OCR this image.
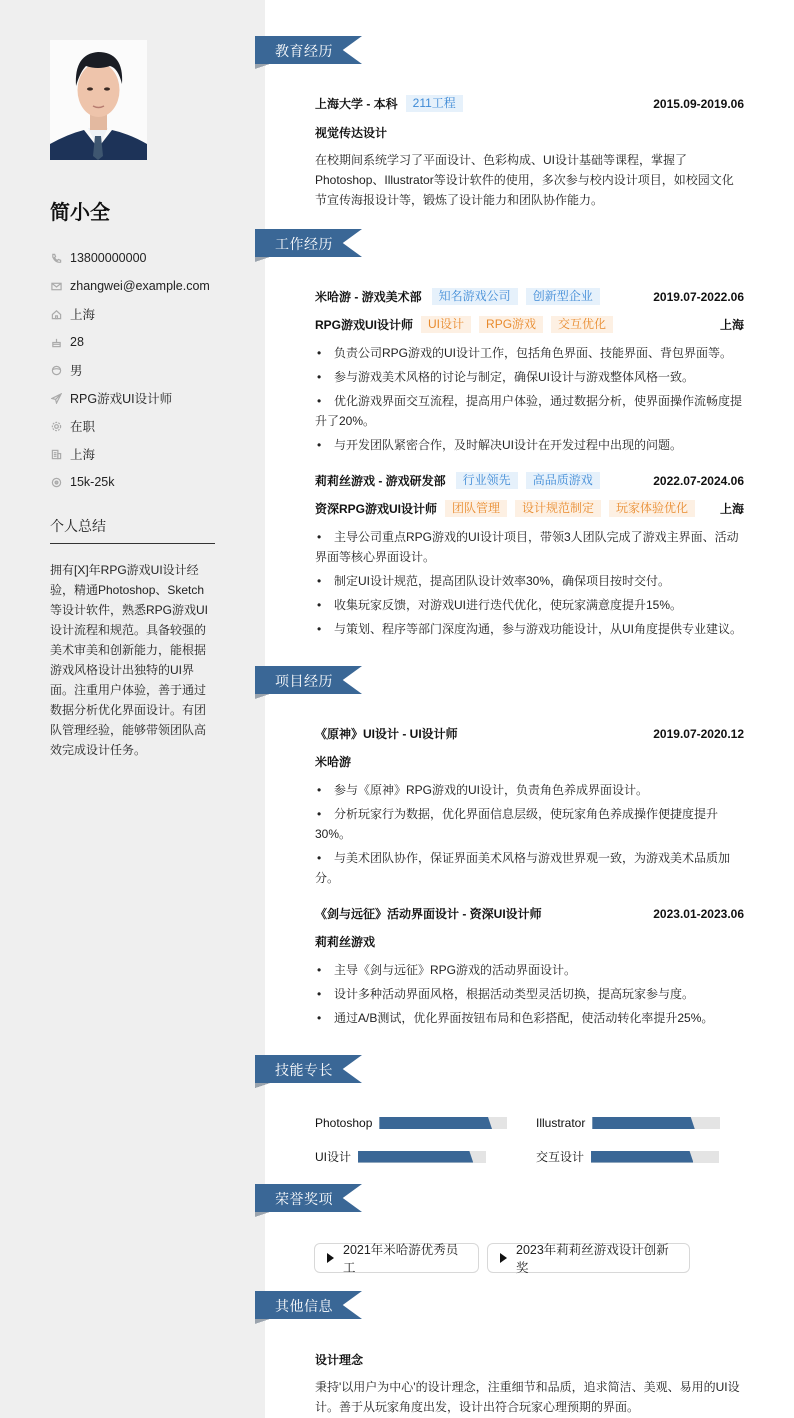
简小全
13800000000
zhangwei@example.com
上海
28
男
RPG游戏UI设计师
在职
上海
15k-25k
个人总结
拥有[X]年RPG游戏UI设计经验，精通Photoshop、Sketch等设计软件，熟悉RPG游戏UI设计流程和规范。具备较强的美术审美和创新能力，能根据游戏风格设计出独特的UI界面。注重用户体验，善于通过数据分析优化界面设计。有团队管理经验，能够带领团队高效完成设计任务。
教育经历
上海大学 - 本科	211工程	2015.09-2019.06
视觉传达设计
在校期间系统学习了平面设计、色彩构成、UI设计基础等课程，掌握了Photoshop、Illustrator等设计软件的使用，多次参与校内设计项目，如校园文化节宣传海报设计等，锻炼了设计能力和团队协作能力。
工作经历
米哈游 - 游戏美术部	知名游戏公司	创新型企业	2019.07-2022.06
RPG游戏UI设计师	UI设计	RPG游戏	交互优化	上海
• 负责公司RPG游戏的UI设计工作，包括角色界面、技能界面、背包界面等。
• 参与游戏美术风格的讨论与制定，确保UI设计与游戏整体风格一致。
• 优化游戏界面交互流程，提高用户体验，通过数据分析，使界面操作流畅度提升了20%。
• 与开发团队紧密合作，及时解决UI设计在开发过程中出现的问题。
莉莉丝游戏 - 游戏研发部	行业领先	高品质游戏	2022.07-2024.06
资深RPG游戏UI设计师	团队管理	设计规范制定	玩家体验优化	上海
• 主导公司重点RPG游戏的UI设计项目，带领3人团队完成了游戏主界面、活动界面等核心界面设计。
• 制定UI设计规范，提高团队设计效率30%，确保项目按时交付。
• 收集玩家反馈，对游戏UI进行迭代优化，使玩家满意度提升15%。
• 与策划、程序等部门深度沟通，参与游戏功能设计，从UI角度提供专业建议。
项目经历
《原神》UI设计 - UI设计师	2019.07-2020.12
米哈游
• 参与《原神》RPG游戏的UI设计，负责角色养成界面设计。
• 分析玩家行为数据，优化界面信息层级，使玩家角色养成操作便捷度提升30%。
• 与美术团队协作，保证界面美术风格与游戏世界观一致，为游戏美术品质加分。
《剑与远征》活动界面设计 - 资深UI设计师	2023.01-2023.06
莉莉丝游戏
• 主导《剑与远征》RPG游戏的活动界面设计。
• 设计多种活动界面风格，根据活动类型灵活切换，提高玩家参与度。
• 通过A/B测试，优化界面按钮布局和色彩搭配，使活动转化率提升25%。
技能专长
Photoshop	Illustrator
UI设计	交互设计
荣誉奖项
2021年米哈游优秀员工
2023年莉莉丝游戏设计创新奖
其他信息
设计理念
秉持'以用户为中心'的设计理念，注重细节和品质，追求简洁、美观、易用的UI设计。善于从玩家角度出发，设计出符合玩家心理预期的界面。
